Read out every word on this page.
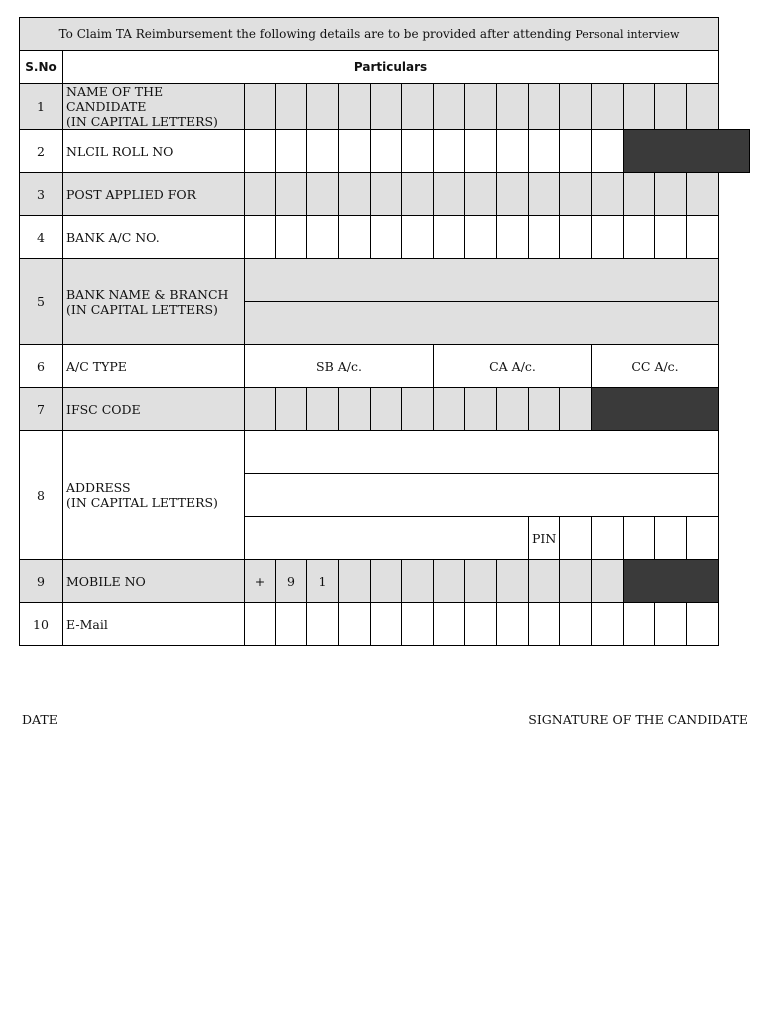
To Claim TA Reimbursement the following details are to be provided after attending Personal interview																
S.No	Particulars															
1	NAME OF THE CANDIDATE
(IN CAPITAL LETTERS)															

2	NLCIL ROLL NO															
3	POST APPLIED FOR															
4	BANK A/C NO.															
5	BANK NAME & BRANCH
(IN CAPITAL LETTERS)															

6	A/C TYPE	SB A/c.						CA A/c.					CC A/c.			
7	IFSC CODE															
8	ADDRESS
(IN CAPITAL LETTERS)															

											PIN					
9	MOBILE NO	+	9	1												
10	E-Mail															
DATE	SIGNATURE OF THE CANDIDATE
